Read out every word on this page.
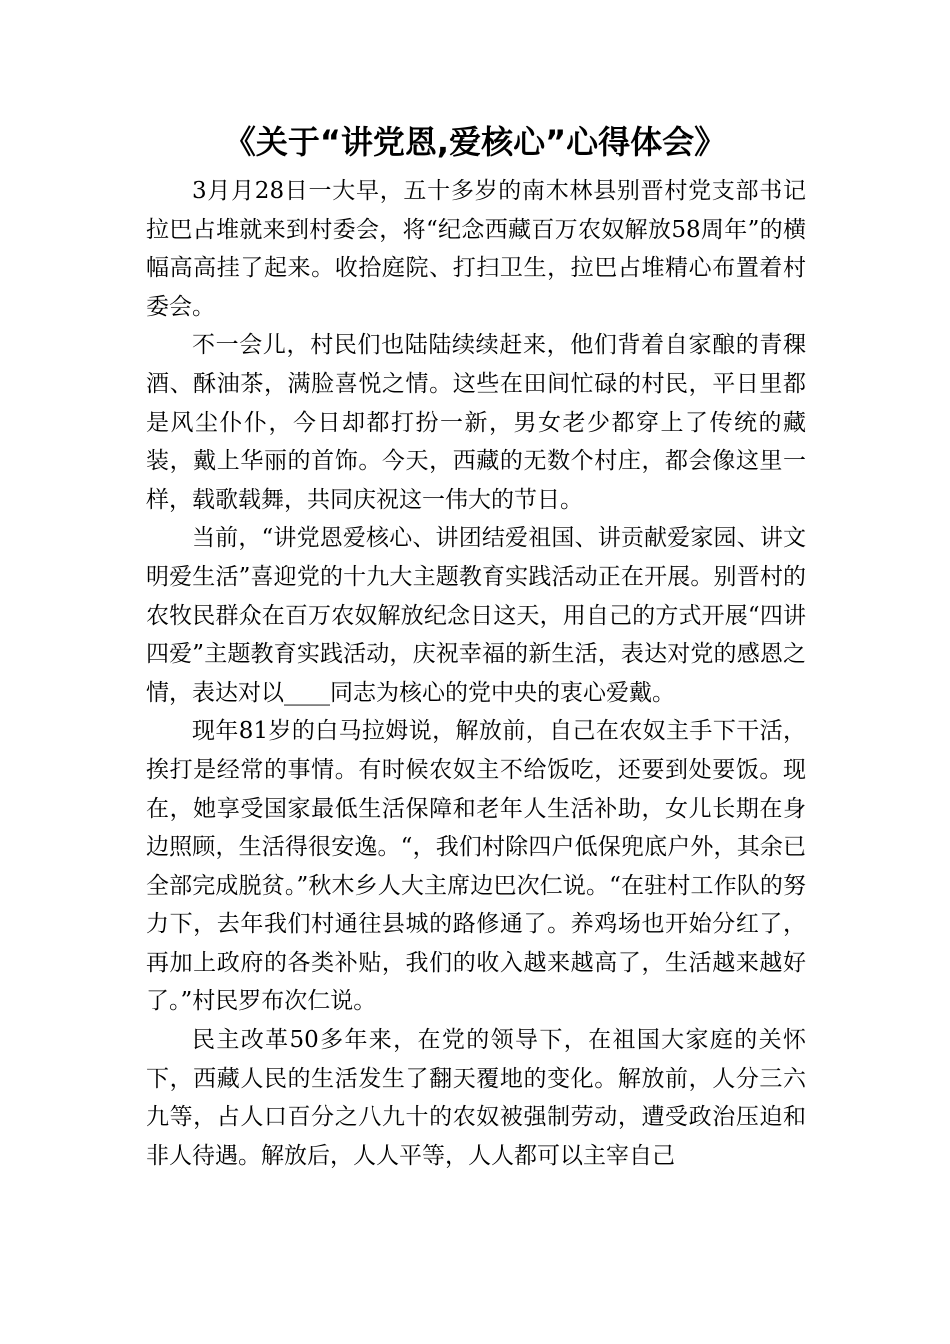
《关于“讲党恩,爱核心”心得体会》

3月月28日一大早，五十多岁的南木林县别晋村党支部书记拉巴占堆就来到村委会，将“纪念西藏百万农奴解放58周年”的横幅高高挂了起来。收拾庭院、打扫卫生，拉巴占堆精心布置着村委会。

不一会儿，村民们也陆陆续续赶来，他们背着自家酿的青稞酒、酥油茶，满脸喜悦之情。这些在田间忙碌的村民，平日里都是风尘仆仆，今日却都打扮一新，男女老少都穿上了传统的藏装，戴上华丽的首饰。今天，西藏的无数个村庄，都会像这里一样，载歌载舞，共同庆祝这一伟大的节日。

当前，“讲党恩爱核心、讲团结爱祖国、讲贡献爱家园、讲文明爱生活”喜迎党的十九大主题教育实践活动正在开展。别晋村的农牧民群众在百万农奴解放纪念日这天，用自己的方式开展“四讲四爱”主题教育实践活动，庆祝幸福的新生活，表达对党的感恩之情，表达对以____同志为核心的党中央的衷心爱戴。

现年81岁的白马拉姆说，解放前，自己在农奴主手下干活，挨打是经常的事情。有时候农奴主不给饭吃，还要到处要饭。现在，她享受国家最低生活保障和老年人生活补助，女儿长期在身边照顾，生活得很安逸。“，我们村除四户低保兜底户外，其余已全部完成脱贫。”秋木乡人大主席边巴次仁说。“在驻村工作队的努力下，去年我们村通往县城的路修通了。养鸡场也开始分红了，再加上政府的各类补贴，我们的收入越来越高了，生活越来越好了。”村民罗布次仁说。

民主改革50多年来，在党的领导下，在祖国大家庭的关怀下，西藏人民的生活发生了翻天覆地的变化。解放前，人分三六九等，占人口百分之八九十的农奴被强制劳动，遭受政治压迫和非人待遇。解放后，人人平等，人人都可以主宰自己
